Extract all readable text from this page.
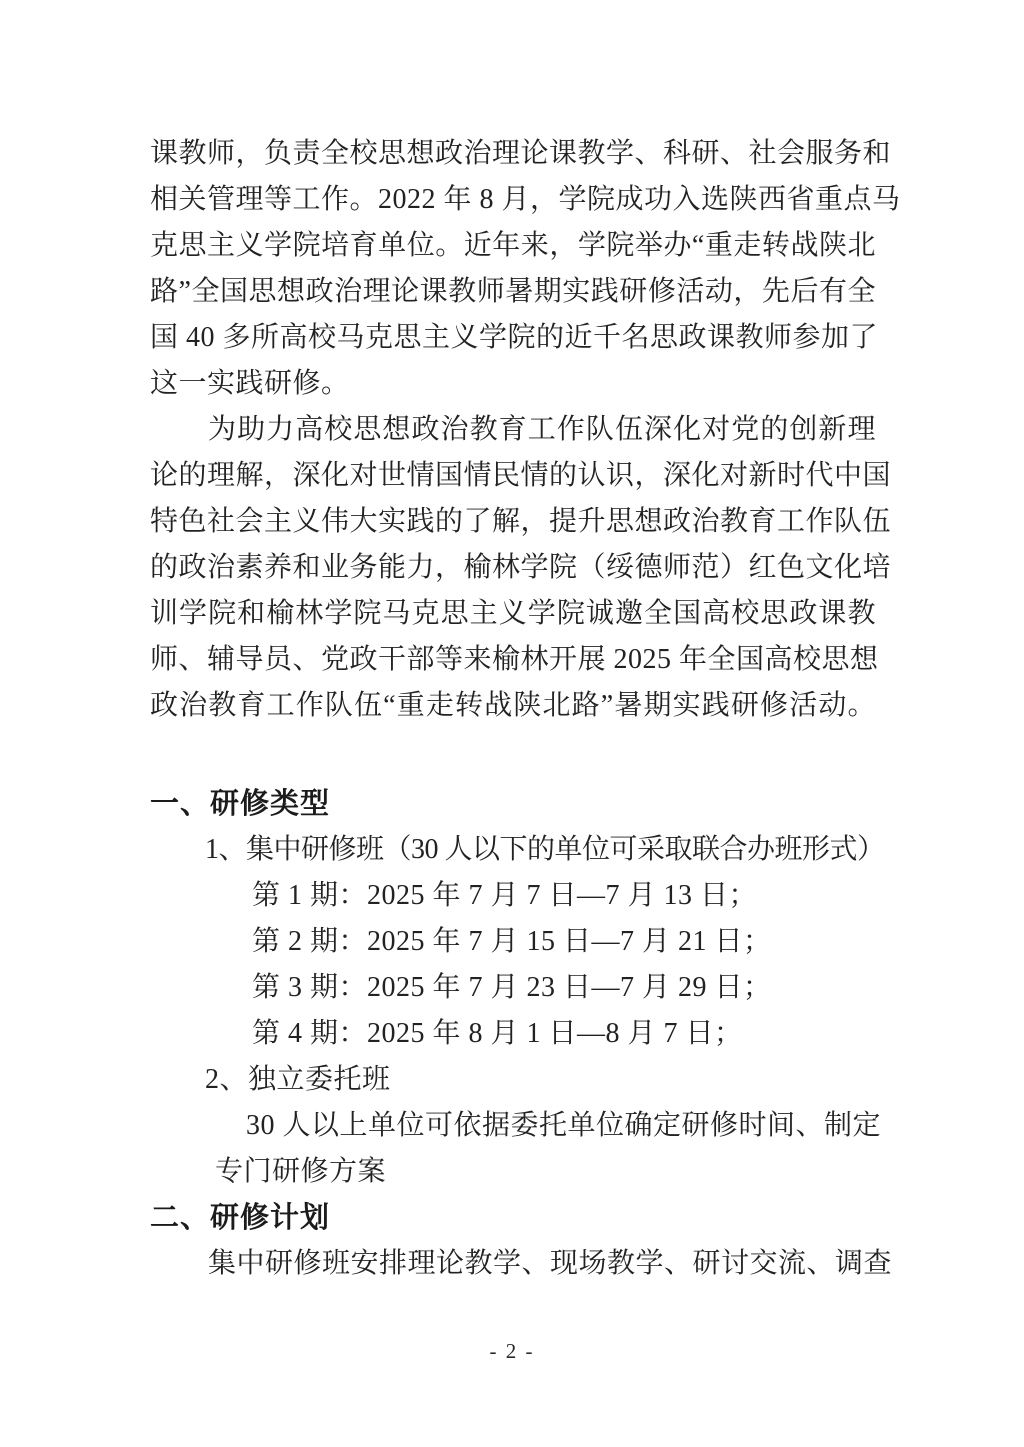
课教师，负责全校思想政治理论课教学、科研、社会服务和
相关管理等工作。2022 年 8 月，学院成功入选陕西省重点马
克思主义学院培育单位。近年来，学院举办“重走转战陕北
路”全国思想政治理论课教师暑期实践研修活动，先后有全
国 40 多所高校马克思主义学院的近千名思政课教师参加了
这一实践研修。
为助力高校思想政治教育工作队伍深化对党的创新理
论的理解，深化对世情国情民情的认识，深化对新时代中国
特色社会主义伟大实践的了解，提升思想政治教育工作队伍
的政治素养和业务能力，榆林学院（绥德师范）红色文化培
训学院和榆林学院马克思主义学院诚邀全国高校思政课教
师、辅导员、党政干部等来榆林开展 2025 年全国高校思想
政治教育工作队伍“重走转战陕北路”暑期实践研修活动。
一、研修类型
1、集中研修班（30 人以下的单位可采取联合办班形式）
第 1 期：2025 年 7 月 7 日—7 月 13 日；
第 2 期：2025 年 7 月 15 日—7 月 21 日；
第 3 期：2025 年 7 月 23 日—7 月 29 日；
第 4 期：2025 年 8 月 1 日—8 月 7 日；
2、独立委托班
30 人以上单位可依据委托单位确定研修时间、制定
专门研修方案
二、研修计划
集中研修班安排理论教学、现场教学、研讨交流、调查
- 2 -
